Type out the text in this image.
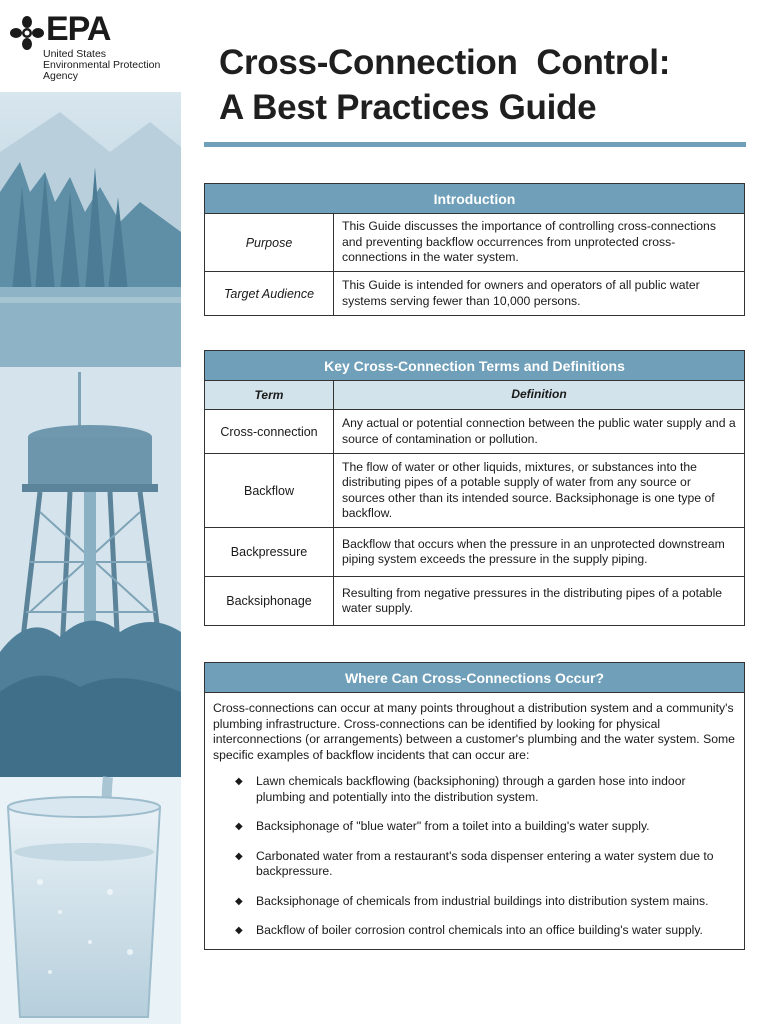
EPA
United States
Environmental Protection
Agency	Cross-Connection  Control:
A Best Practices Guide
Introduction
Purpose
This Guide discusses the importance of controlling cross-connections and preventing backflow occurrences from unprotected cross-connections in the water system.
Target Audience
This Guide is intended for owners and operators of all public water systems serving fewer than 10,000 persons.
Key Cross-Connection Terms and Definitions
Term	Definition
Cross-connection
Any actual or potential connection between the public water supply and a source of contamination or pollution.
Backflow
The flow of water or other liquids, mixtures, or substances into the distributing pipes of a potable supply of water from any source or sources other than its intended source. Backsiphonage is one type of backflow.
Backpressure
Backflow that occurs when the pressure in an unprotected downstream piping system exceeds the pressure in the supply piping.
Backsiphonage
Resulting from negative pressures in the distributing pipes of a potable water supply.
Where Can Cross-Connections Occur?

Cross-connections can occur at many points throughout a distribution system and a community's plumbing infrastructure. Cross-connections can be identified by looking for physical interconnections (or arrangements) between a customer's plumbing and the water system. Some specific examples of backflow incidents that can occur are:

◆ Lawn chemicals backflowing (backsiphoning) through a garden hose into indoor plumbing and potentially into the distribution system.
◆ Backsiphonage of "blue water" from a toilet into a building's water supply.
◆ Carbonated water from a restaurant's soda dispenser entering a water system due to backpressure.
◆ Backsiphonage of chemicals from industrial buildings into distribution system mains.
◆ Backflow of boiler corrosion control chemicals into an office building's water supply.
